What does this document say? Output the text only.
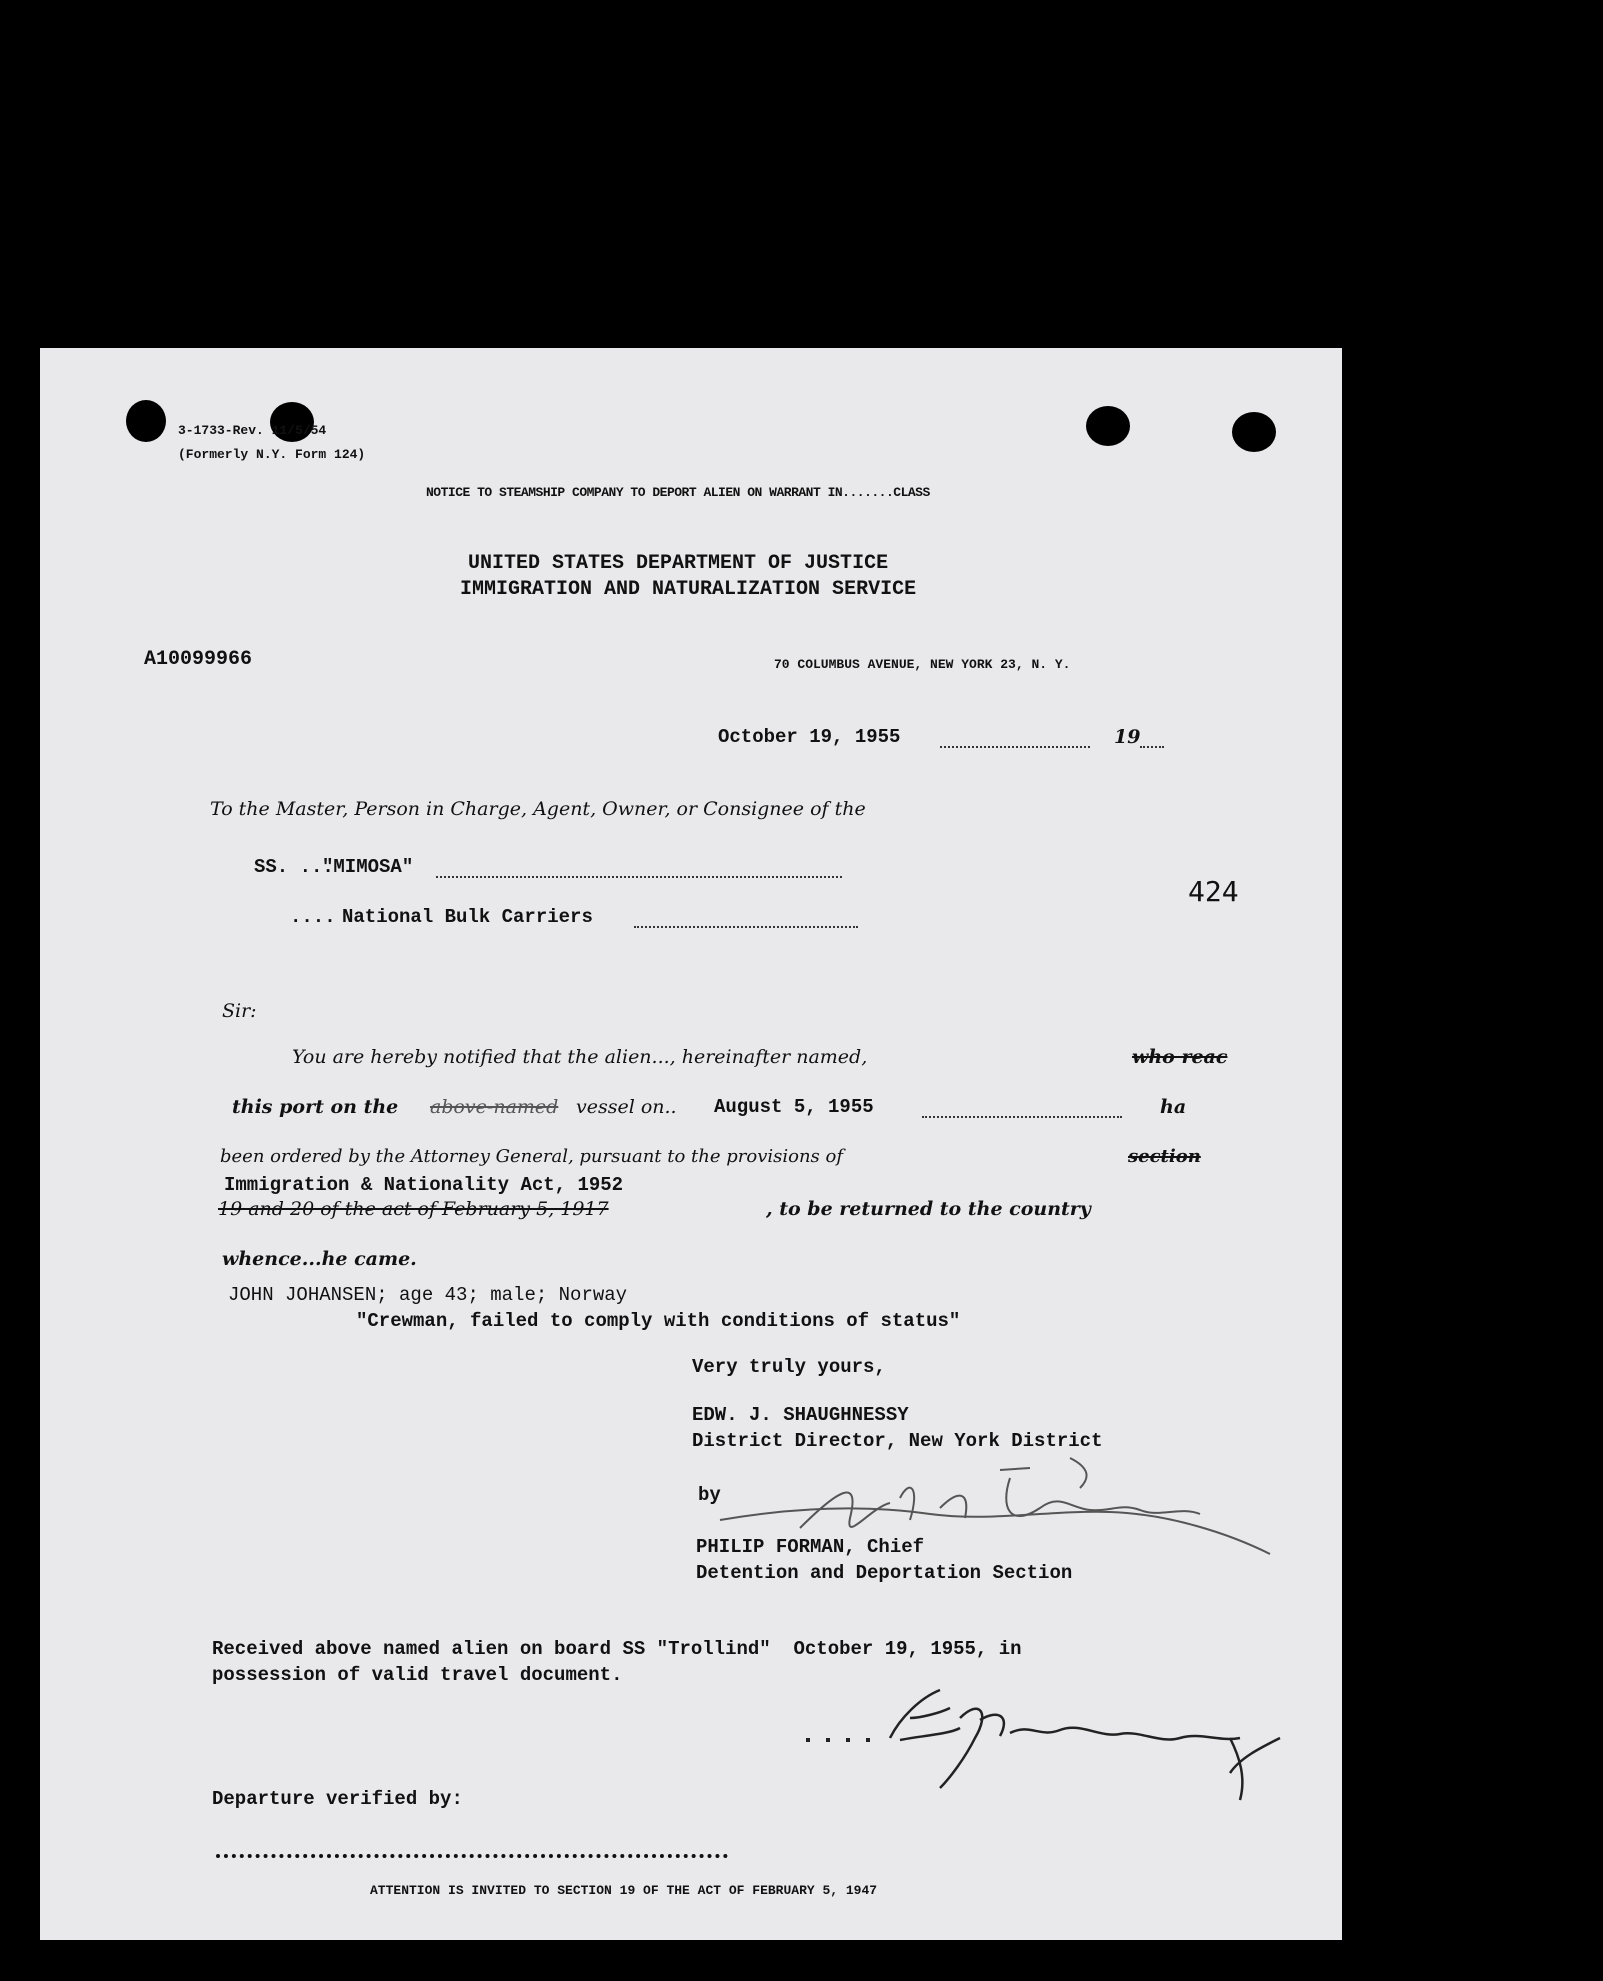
3-1733-Rev. 11/5/54
(Formerly N.Y. Form 124)
NOTICE TO STEAMSHIP COMPANY TO DEPORT ALIEN ON WARRANT IN.......CLASS
UNITED STATES DEPARTMENT OF JUSTICE
IMMIGRATION AND NATURALIZATION SERVICE
A10099966	70 COLUMBUS AVENUE, NEW YORK 23, N. Y.
October 19, 1955	19
To the Master, Person in Charge, Agent, Owner, or Consignee of the
SS. ...
"MIMOSA"
424
.... National Bulk Carriers
Sir:
You are hereby notified that the alien..., hereinafter named,	who reac
this port on the above-named vessel on.. August 5, 1955	ha
been ordered by the Attorney General, pursuant to the provisions of	section
Immigration & Nationality Act, 1952
19 and 20 of the act of February 5, 1917	, to be returned to the country
whence...he came.
JOHN JOHANSEN; age 43; male; Norway
"Crewman, failed to comply with conditions of status"
Very truly yours,
EDW. J. SHAUGHNESSY
District Director, New York District
by
PHILIP FORMAN, Chief
Detention and Deportation Section
Received above named alien on board SS "Trollind"  October 19, 1955, in
possession of valid travel document.
Departure verified by:
ATTENTION IS INVITED TO SECTION 19 OF THE ACT OF FEBRUARY 5, 1947
